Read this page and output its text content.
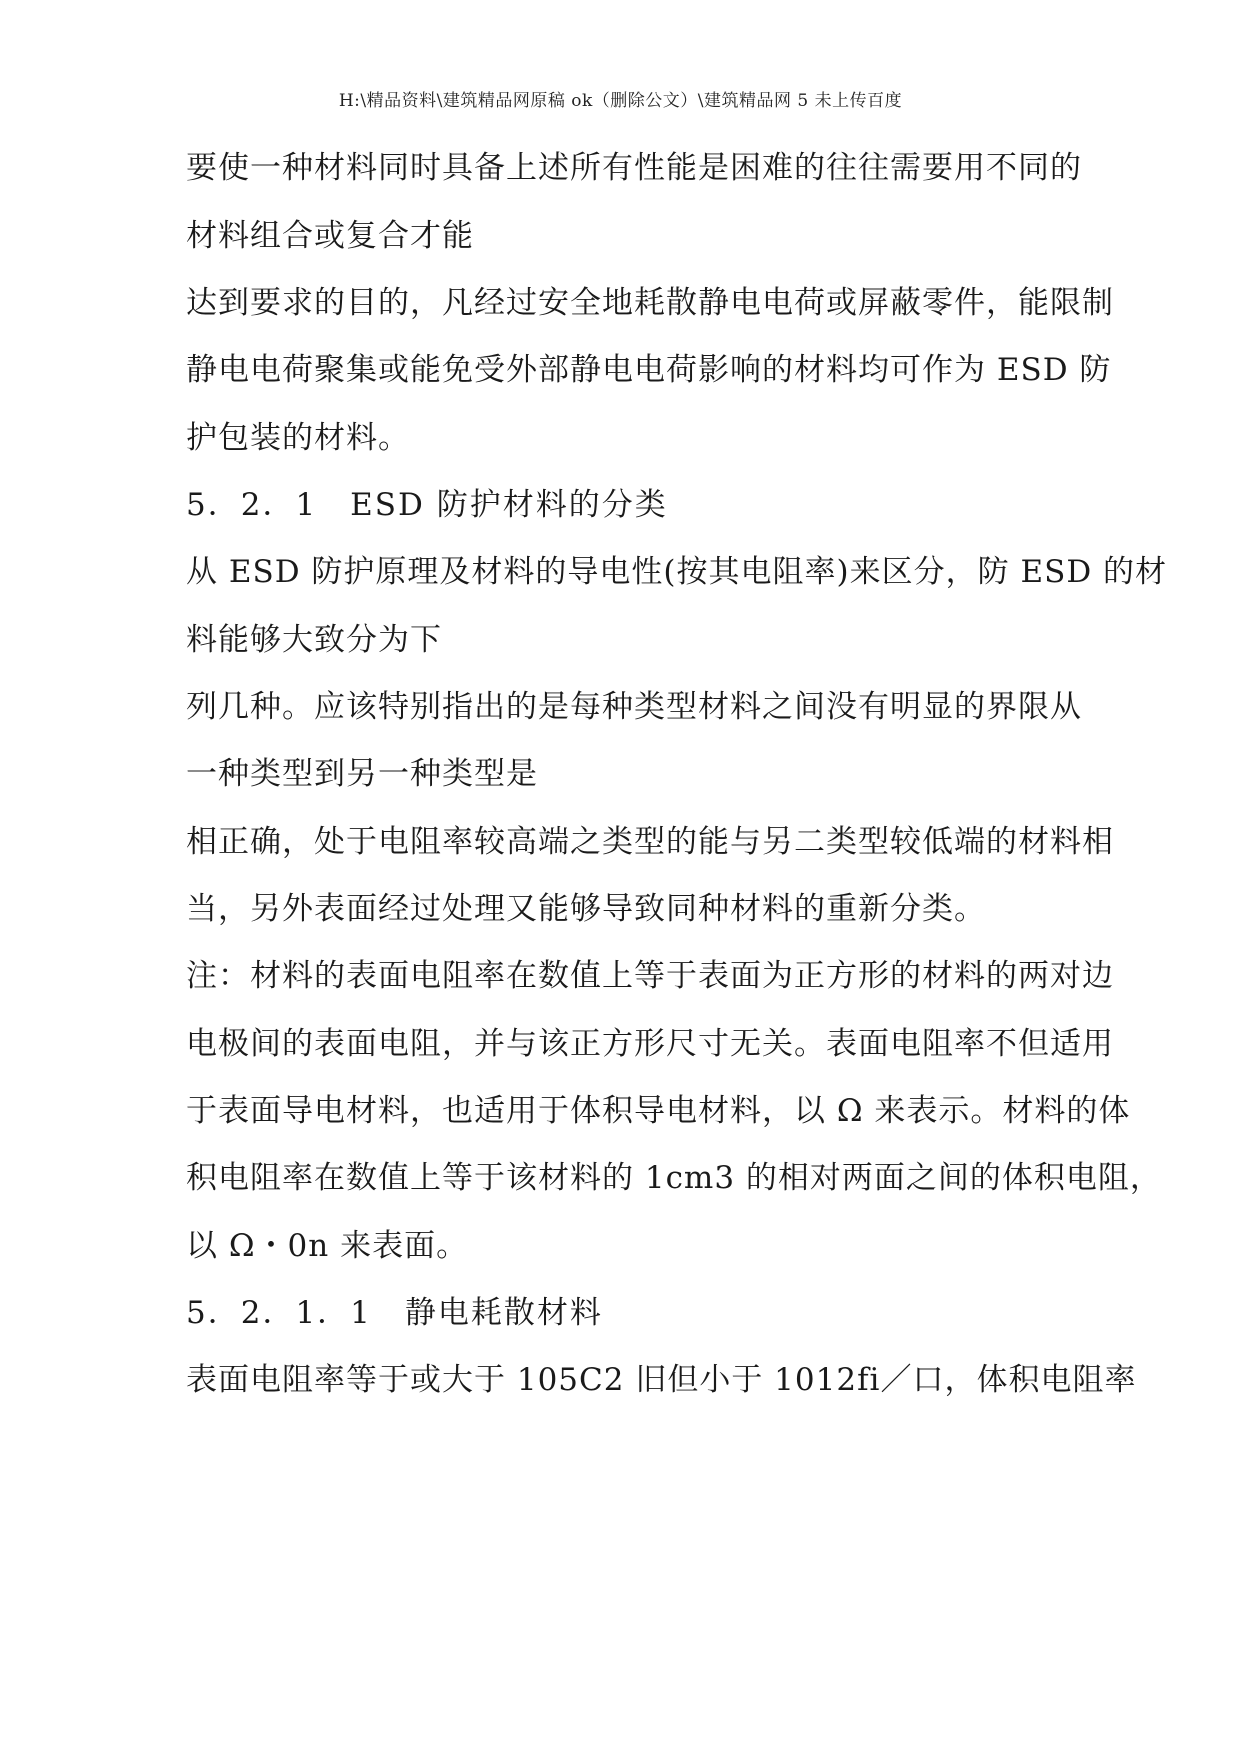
H:\精品资料\建筑精品网原稿 ok（删除公文）\建筑精品网 5 未上传百度
要使一种材料同时具备上述所有性能是困难的往往需要用不同的
材料组合或复合才能
达到要求的目的，凡经过安全地耗散静电电荷或屏蔽零件，能限制
静电电荷聚集或能免受外部静电电荷影响的材料均可作为 ESD 防
护包装的材料。
5．2．1　ESD 防护材料的分类
从 ESD 防护原理及材料的导电性(按其电阻率)来区分，防 ESD 的材
料能够大致分为下
列几种。应该特别指出的是每种类型材料之间没有明显的界限从
一种类型到另一种类型是
相正确，处于电阻率较高端之类型的能与另二类型较低端的材料相
当，另外表面经过处理又能够导致同种材料的重新分类。
注：材料的表面电阻率在数值上等于表面为正方形的材料的两对边
电极间的表面电阻，并与该正方形尺寸无关。表面电阻率不但适用
于表面导电材料，也适用于体积导电材料，以 Ω 来表示。材料的体
积电阻率在数值上等于该材料的 1cm3 的相对两面之间的体积电阻，
以 Ω・0n 来表面。
5．2．1．1　静电耗散材料
表面电阻率等于或大于 105C2 旧但小于 1012fi／口，体积电阻率
